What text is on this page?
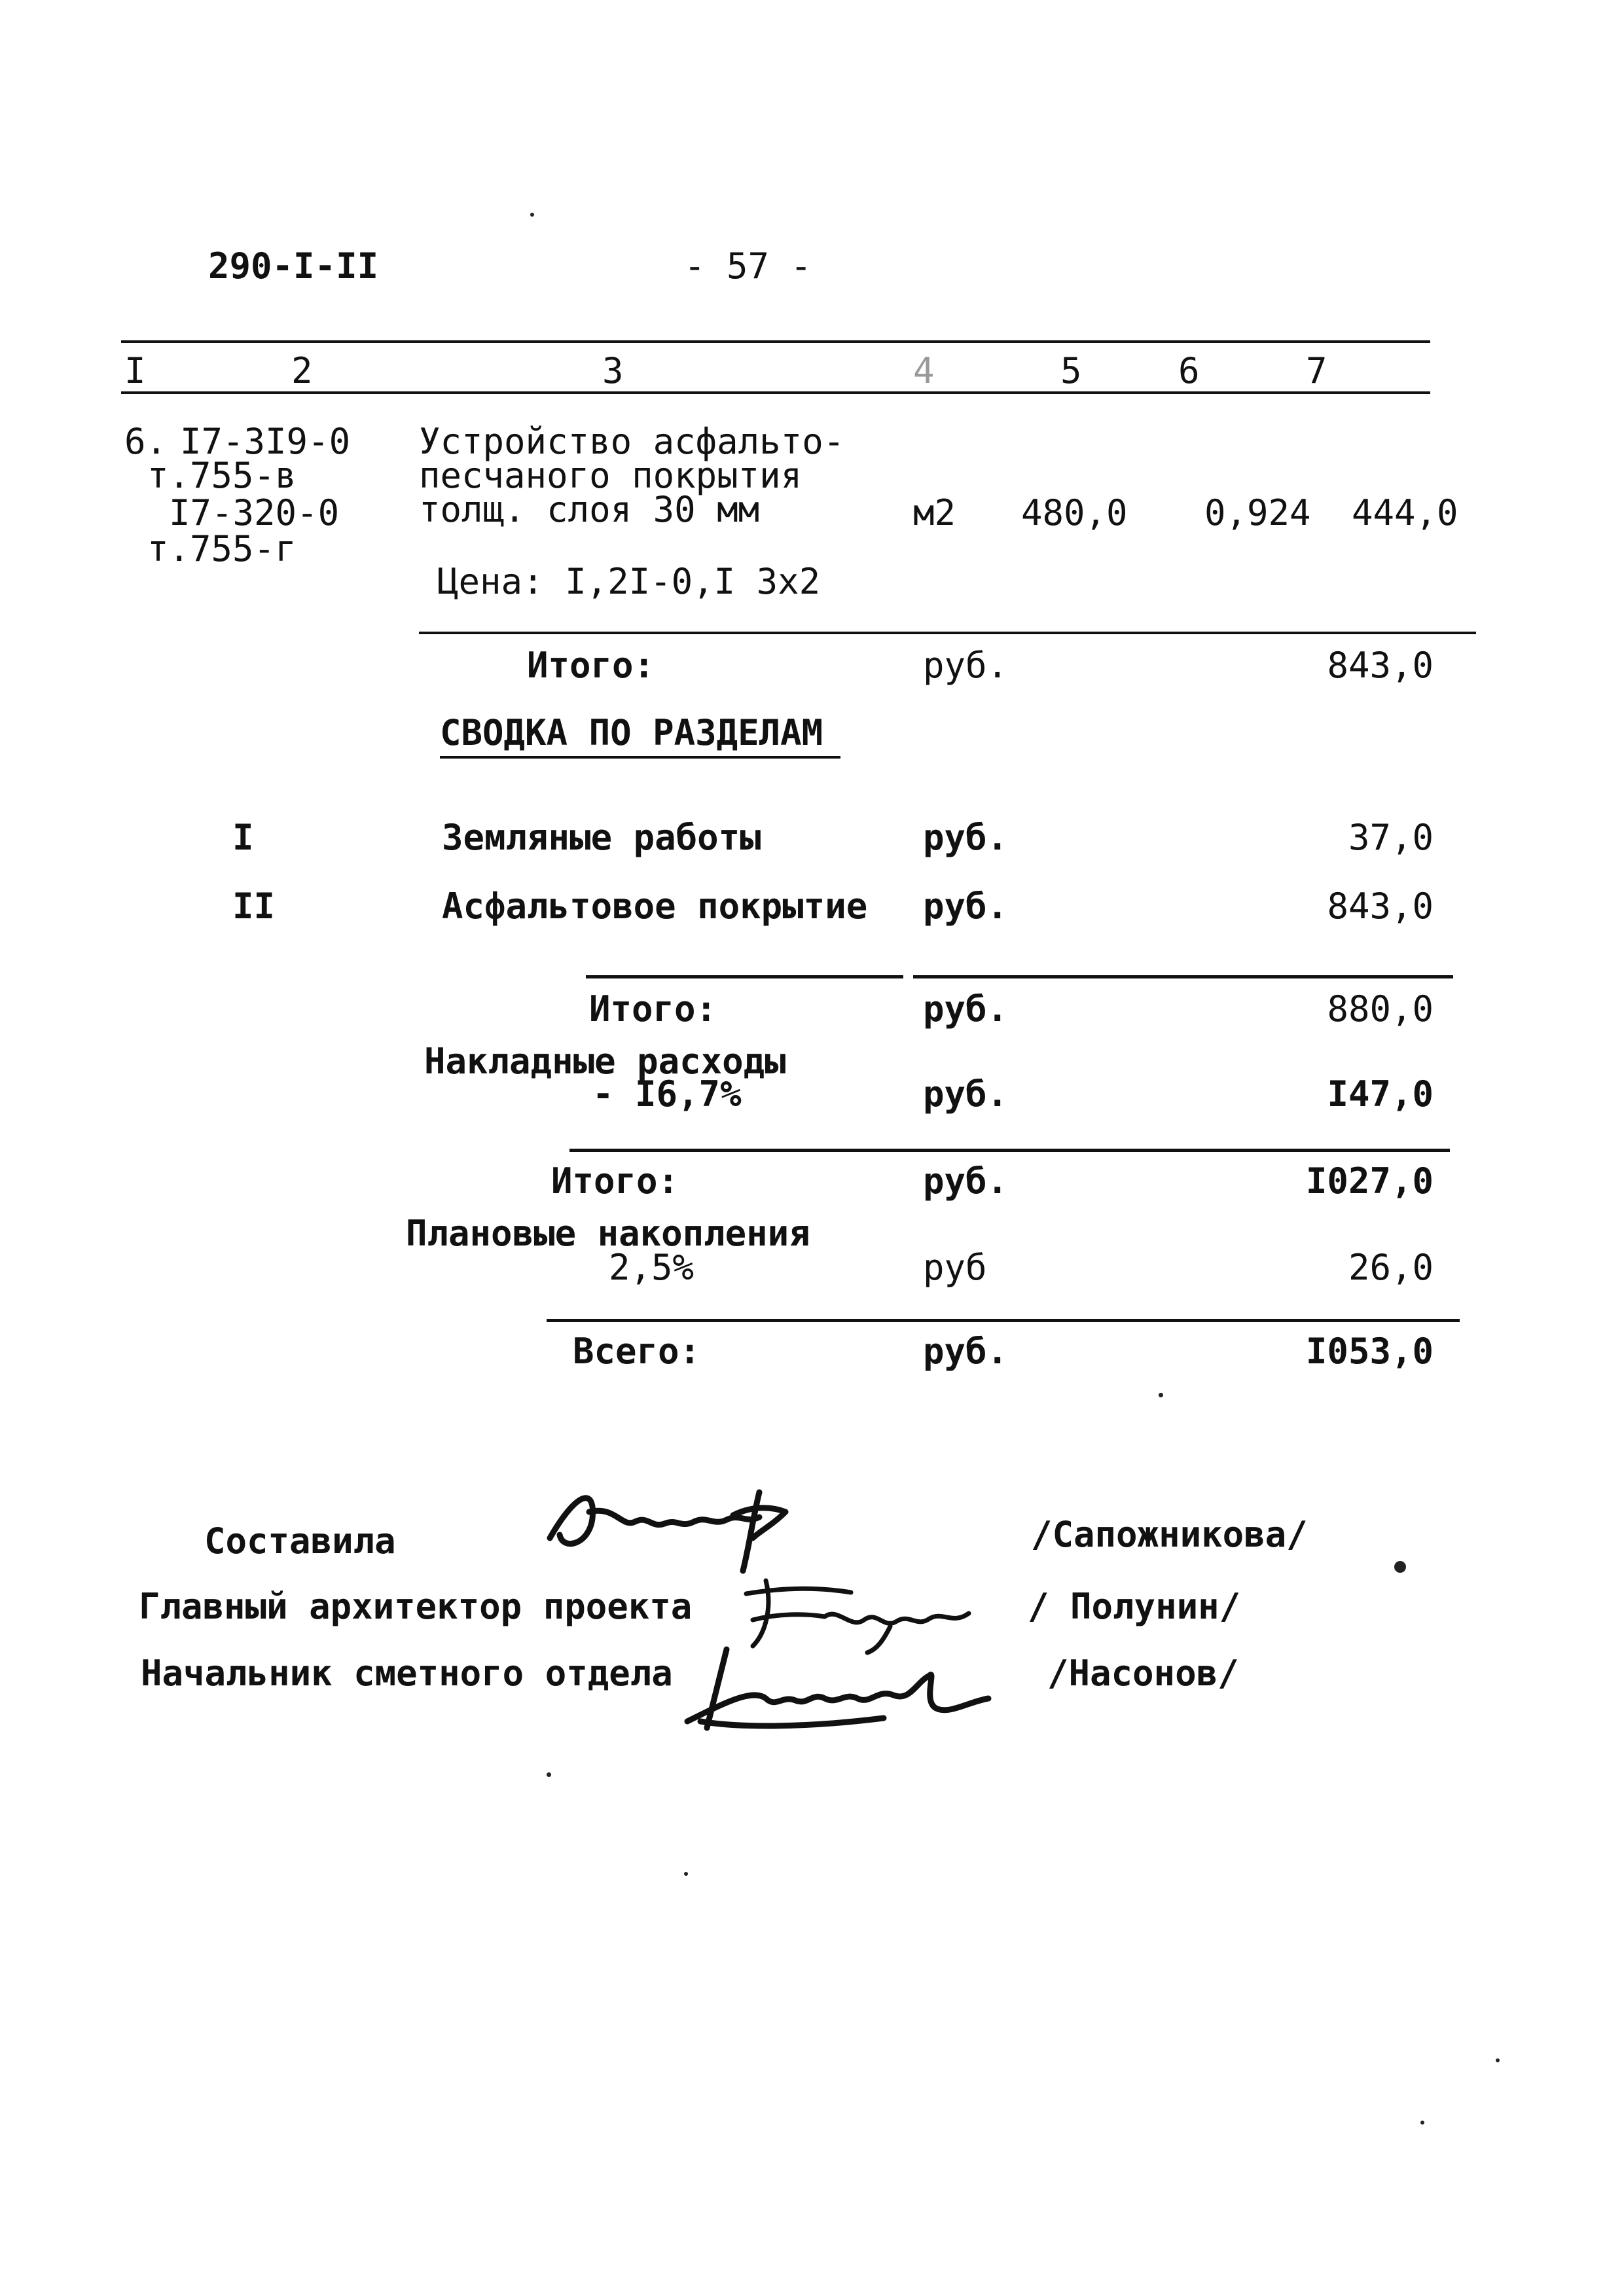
290-I-II	- 57 -
I	2	3	4	5	6	7
6. I7-3I9-0
т.755-в
I7-320-0
т.755-г
Устройство асфальто-
песчаного покрытия
толщ. слоя 30 мм	м2 480,0 0,924 444,0
Цена: I,2I-0,I 3x2
Итого:	руб.	843,0
СВОДКА ПО РАЗДЕЛАМ
I	Земляные работы	руб.	37,0
II	Асфальтовое покрытие руб.	843,0
Итого:	руб.	880,0
Накладные расходы
- I6,7%	руб.	I47,0
Итого:	руб.	I027,0
Плановые накопления
2,5%	руб	26,0
Всего:	руб.	I053,0
Составила	/Сапожникова/
Главный архитектор проекта	/ Полунин/
Начальник сметного отдела	/Насонов/
